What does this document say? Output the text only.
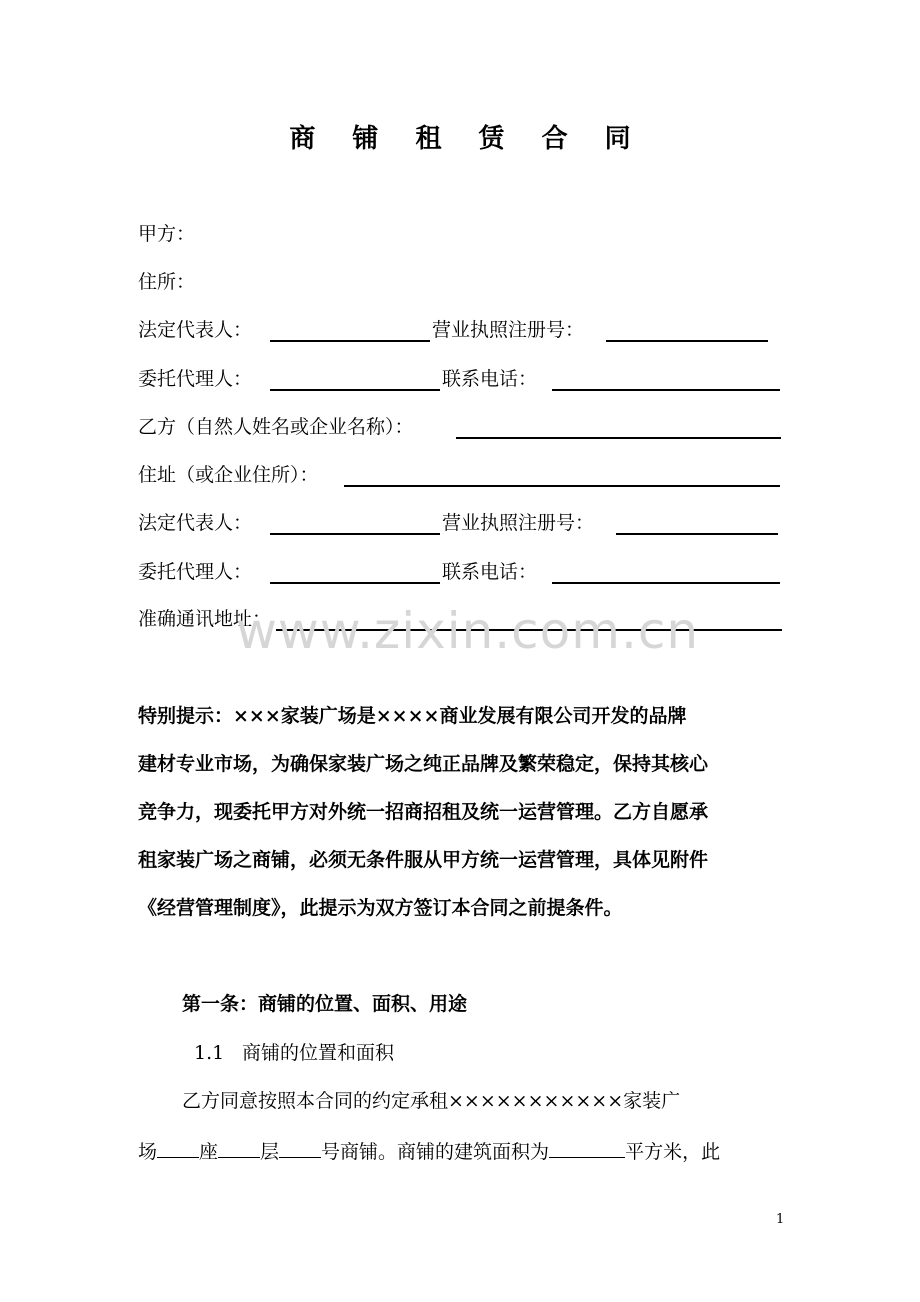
商 铺 租 赁 合 同
甲方：
住所：
法定代表人：	营业执照注册号：
委托代理人：	联系电话：
乙方（自然人姓名或企业名称）：
住址（或企业住所）：
法定代表人：	营业执照注册号：
委托代理人：	联系电话：
准确通讯地址：
www.zixin.com.cn
特别提示：×××家装广场是××××商业发展有限公司开发的品牌
建材专业市场，为确保家装广场之纯正品牌及繁荣稳定，保持其核心
竞争力，现委托甲方对外统一招商招租及统一运营管理。乙方自愿承
租家装广场之商铺，必须无条件服从甲方统一运营管理，具体见附件
《经营管理制度》，此提示为双方签订本合同之前提条件。
第一条：商铺的位置、面积、用途
1.1 商铺的位置和面积
乙方同意按照本合同的约定承租×××××××××××家装广
场 座 层 号商铺。商铺的建筑面积为	平方米，此
1
